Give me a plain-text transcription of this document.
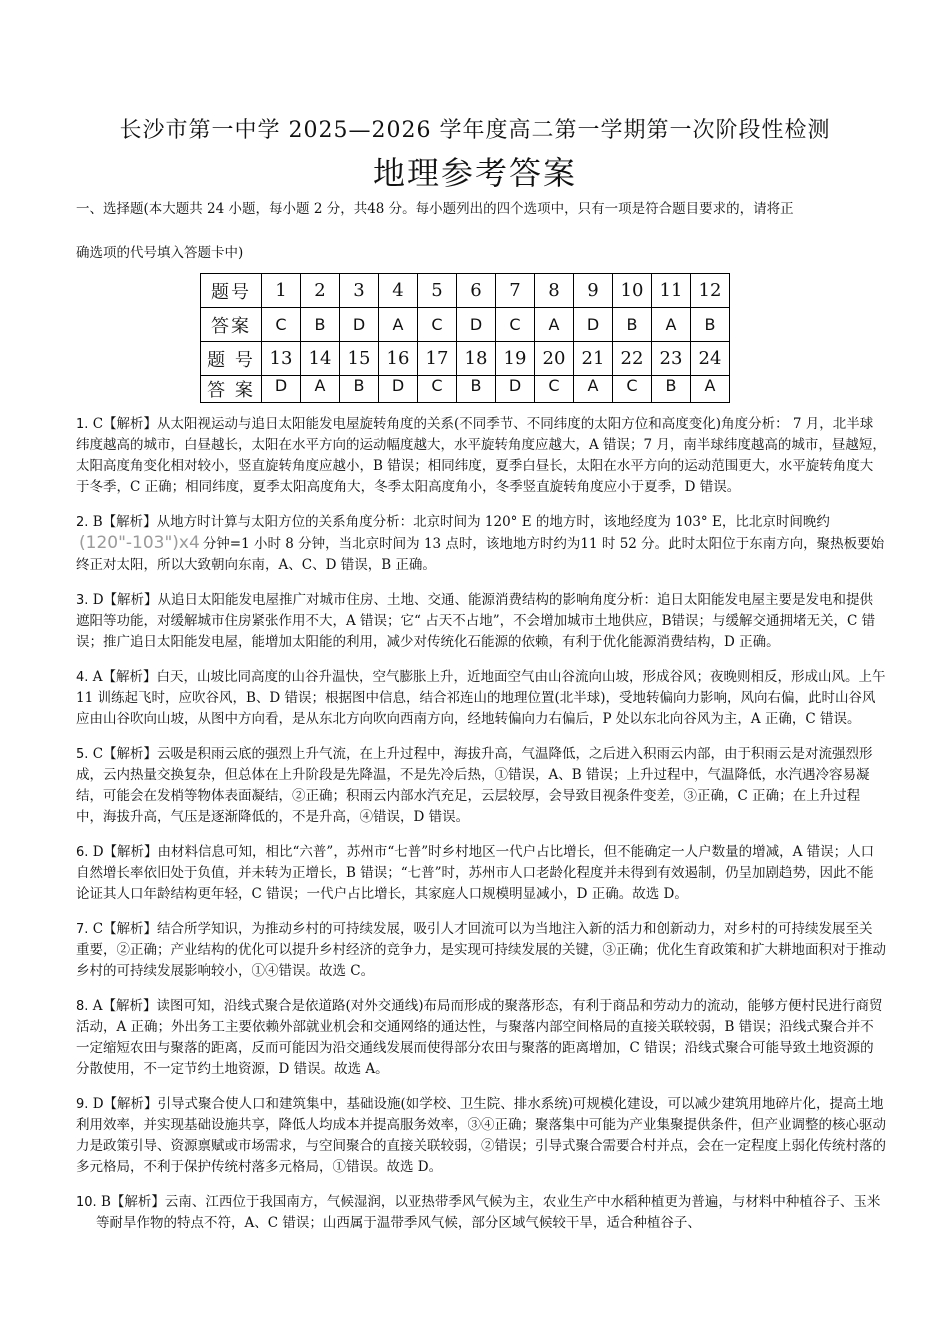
长沙市第一中学 2025—2026 学年度高二第一学期第一次阶段性检测
地理参考答案

一、选择题(本大题共 24 小题，每小题 2 分，共48 分。每小题列出的四个选项中，只有一项是符合题目要求的，请将正

确选项的代号填入答题卡中)

题号	1	2	3	4	5	6	7	8	9	10	11	12
答案	C	B	D	A	C	D	C	A	D	B	A	B
题 号	13	14	15	16	17	18	19	20	21	22	23	24
答 案	D	A	B	D	C	B	D	C	A	C	B	A

1. C【解析】从太阳视运动与追日太阳能发电屋旋转角度的关系(不同季节、不同纬度的太阳方位和高度变化)角度分析： 7 月，北半球纬度越高的城市，白昼越长，太阳在水平方向的运动幅度越大，水平旋转角度应越大，A 错误；7 月，南半球纬度越高的城市，昼越短，太阳高度角变化相对较小，竖直旋转角度应越小，B 错误；相同纬度，夏季白昼长，太阳在水平方向的运动范围更大，水平旋转角度大于冬季，C 正确；相同纬度，夏季太阳高度角大，冬季太阳高度角小，冬季竖直旋转角度应小于夏季，D 错误。

2. B【解析】从地方时计算与太阳方位的关系角度分析：北京时间为 120° E 的地方时，该地经度为 103° E，比北京时间晚约(120"-103")x4 分钟=1 小时 8 分钟，当北京时间为 13 点时，该地地方时约为11 时 52 分。此时太阳位于东南方向，聚热板要始终正对太阳，所以大致朝向东南，A、C、D 错误，B 正确。

3. D【解析】从追日太阳能发电屋推广对城市住房、土地、交通、能源消费结构的影响角度分析：追日太阳能发电屋主要是发电和提供遮阳等功能，对缓解城市住房紧张作用不大，A 错误；它“ 占天不占地”，不会增加城市土地供应，B错误；与缓解交通拥堵无关，C 错误；推广追日太阳能发电屋，能增加太阳能的利用，减少对传统化石能源的依赖，有利于优化能源消费结构，D 正确。

4. A【解析】白天，山坡比同高度的山谷升温快，空气膨胀上升，近地面空气由山谷流向山坡，形成谷风；夜晚则相反，形成山风。上午 11 训练起飞时，应吹谷风，B、D 错误；根据图中信息，结合祁连山的地理位置(北半球)，受地转偏向力影响，风向右偏，此时山谷风应由山谷吹向山坡，从图中方向看，是从东北方向吹向西南方向，经地转偏向力右偏后，P 处以东北向谷风为主，A 正确，C 错误。

5. C【解析】云吸是积雨云底的强烈上升气流，在上升过程中，海拔升高，气温降低，之后进入积雨云内部，由于积雨云是对流强烈形成，云内热量交换复杂，但总体在上升阶段是先降温，不是先冷后热，①错误，A、B 错误；上升过程中，气温降低，水汽遇冷容易凝结，可能会在发梢等物体表面凝结，②正确；积雨云内部水汽充足，云层较厚，会导致目视条件变差，③正确，C 正确；在上升过程中，海拔升高，气压是逐渐降低的，不是升高，④错误，D 错误。

6. D【解析】由材料信息可知，相比“六普”，苏州市“七普”时乡村地区一代户占比增长，但不能确定一人户数量的增减，A 错误；人口自然增长率依旧处于负值，并未转为正增长，B 错误；“七普”时，苏州市人口老龄化程度并未得到有效遏制，仍呈加剧趋势，因此不能论证其人口年龄结构更年轻，C 错误；一代户占比增长，其家庭人口规模明显减小，D 正确。故选 D。

7. C【解析】结合所学知识，为推动乡村的可持续发展，吸引人才回流可以为当地注入新的活力和创新动力，对乡村的可持续发展至关重要，②正确；产业结构的优化可以提升乡村经济的竞争力，是实现可持续发展的关键，③正确；优化生育政策和扩大耕地面积对于推动乡村的可持续发展影响较小，①④错误。故选 C。

8. A【解析】读图可知，沿线式聚合是依道路(对外交通线)布局而形成的聚落形态，有利于商品和劳动力的流动，能够方便村民进行商贸活动，A 正确；外出务工主要依赖外部就业机会和交通网络的通达性，与聚落内部空间格局的直接关联较弱，B 错误；沿线式聚合并不一定缩短农田与聚落的距离，反而可能因为沿交通线发展而使得部分农田与聚落的距离增加，C 错误；沿线式聚合可能导致土地资源的分散使用，不一定节约土地资源，D 错误。故选 A。

9. D【解析】引导式聚合使人口和建筑集中，基础设施(如学校、卫生院、排水系统)可规模化建设，可以减少建筑用地碎片化，提高土地利用效率，并实现基础设施共享，降低人均成本并提高服务效率，③④正确；聚落集中可能为产业集聚提供条件，但产业调整的核心驱动力是政策引导、资源禀赋或市场需求，与空间聚合的直接关联较弱，②错误；引导式聚合需要合村并点，会在一定程度上弱化传统村落的多元格局，不利于保护传统村落多元格局，①错误。故选 D。

10. B【解析】云南、江西位于我国南方，气候湿润，以亚热带季风气候为主，农业生产中水稻种植更为普遍，与材料中种植谷子、玉米等耐旱作物的特点不符，A、C 错误；山西属于温带季风气候，部分区域气候较干旱，适合种植谷子、
